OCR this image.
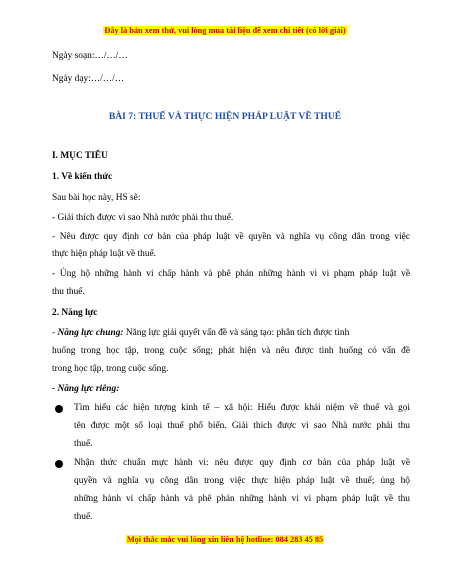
Đây là bản xem thử, vui lòng mua tài liệu để xem chi tiết (có lời giải)
Ngày soạn:…/…/…
Ngày dạy:…/…/…
BÀI 7: THUẾ VÀ THỰC HIỆN PHÁP LUẬT VỀ THUẾ
I. MỤC TIÊU
1. Về kiến thức
Sau bài học này, HS sẽ:
- Giải thích được vì sao Nhà nước phải thu thuế.
- Nêu được quy định cơ bản của pháp luật về quyền và nghĩa vụ công dân trong việc
thực hiện pháp luật về thuế.
- Ủng hộ những hành vi chấp hành và phê phán những hành vi vi phạm pháp luật về
thu thuế.
2. Năng lực
- Năng lực chung: Năng lực giải quyết vấn đề và sáng tạo: phân tích được tình
huống trong học tập, trong cuộc sống; phát hiện và nêu được tình huống có vấn đề
trong học tập, trong cuộc sống.
- Năng lực riêng:
Tìm hiểu các hiện tượng kinh tế – xã hội: Hiểu được khái niệm về thuế và gọi
tên được một số loại thuế phổ biến. Giải thích được vì sao Nhà nước phải thu
thuế.
Nhận thức chuẩn mực hành vi: nêu được quy định cơ bản của pháp luật về
quyền và nghĩa vụ công dân trong việc thực hiện pháp luật về thuế; ủng hộ
những hành vi chấp hành và phê phán những hành vi vi phạm pháp luật về thu
thuế.
Mọi thắc mắc vui lòng xin liên hệ hotline: 084 283 45 85
